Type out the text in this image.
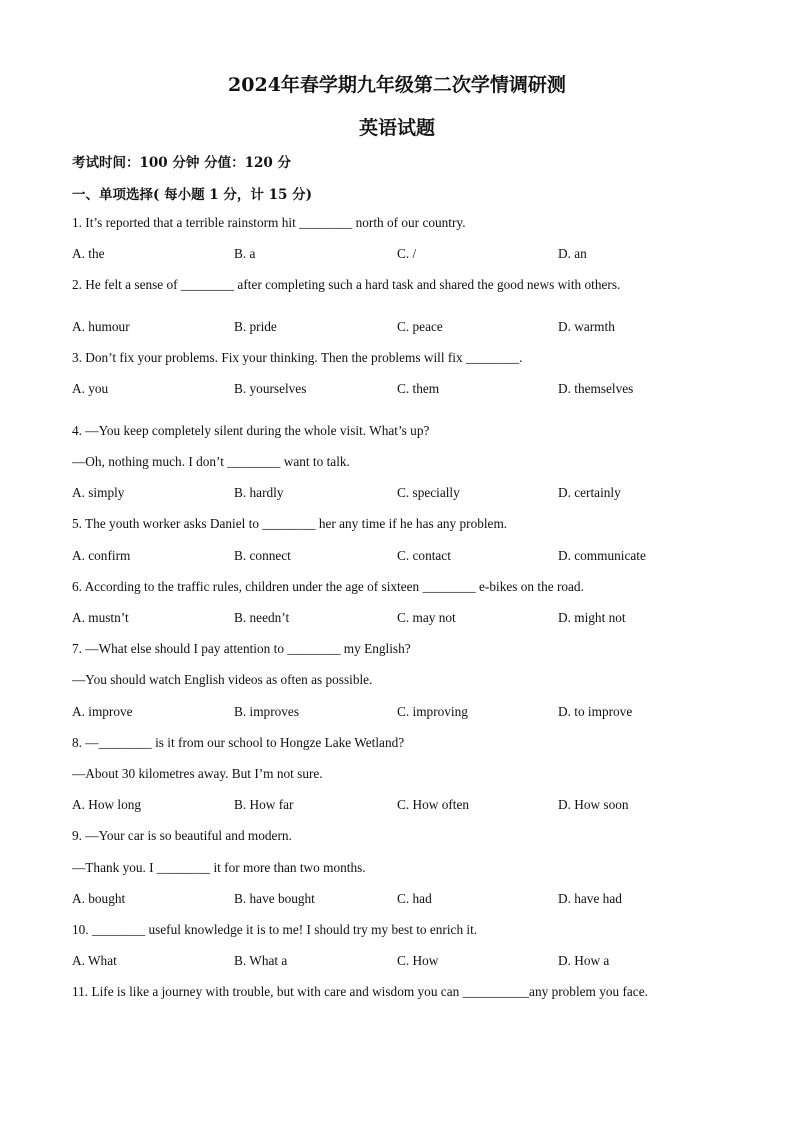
2024年春学期九年级第二次学情调研测
英语试题
考试时间：100 分钟 分值：120 分
一、单项选择( 每小题 1 分，计 15 分)
1. It’s reported that a terrible rainstorm hit ________ north of our country.
A. the	B. a	C. /	D. an
2. He felt a sense of ________ after completing such a hard task and shared the good news with others.
A. humour	B. pride	C. peace	D. warmth
3. Don’t fix your problems. Fix your thinking. Then the problems will fix ________.
A. you	B. yourselves	C. them	D. themselves
4. —You keep completely silent during the whole visit. What’s up?
—Oh, nothing much. I don’t ________ want to talk.
A. simply	B. hardly	C. specially	D. certainly
5. The youth worker asks Daniel to ________ her any time if he has any problem.
A. confirm	B. connect	C. contact	D. communicate
6. According to the traffic rules, children under the age of sixteen ________ e-bikes on the road.
A. mustn’t	B. needn’t	C. may not	D. might not
7. —What else should I pay attention to ________ my English?
—You should watch English videos as often as possible.
A. improve	B. improves	C. improving	D. to improve
8. —________ is it from our school to Hongze Lake Wetland?
—About 30 kilometres away. But I’m not sure.
A. How long	B. How far	C. How often	D. How soon
9. —Your car is so beautiful and modern.
—Thank you. I ________ it for more than two months.
A. bought	B. have bought	C. had	D. have had
10. ________ useful knowledge it is to me! I should try my best to enrich it.
A. What	B. What a	C. How	D. How a
11. Life is like a journey with trouble, but with care and wisdom you can __________any problem you face.
